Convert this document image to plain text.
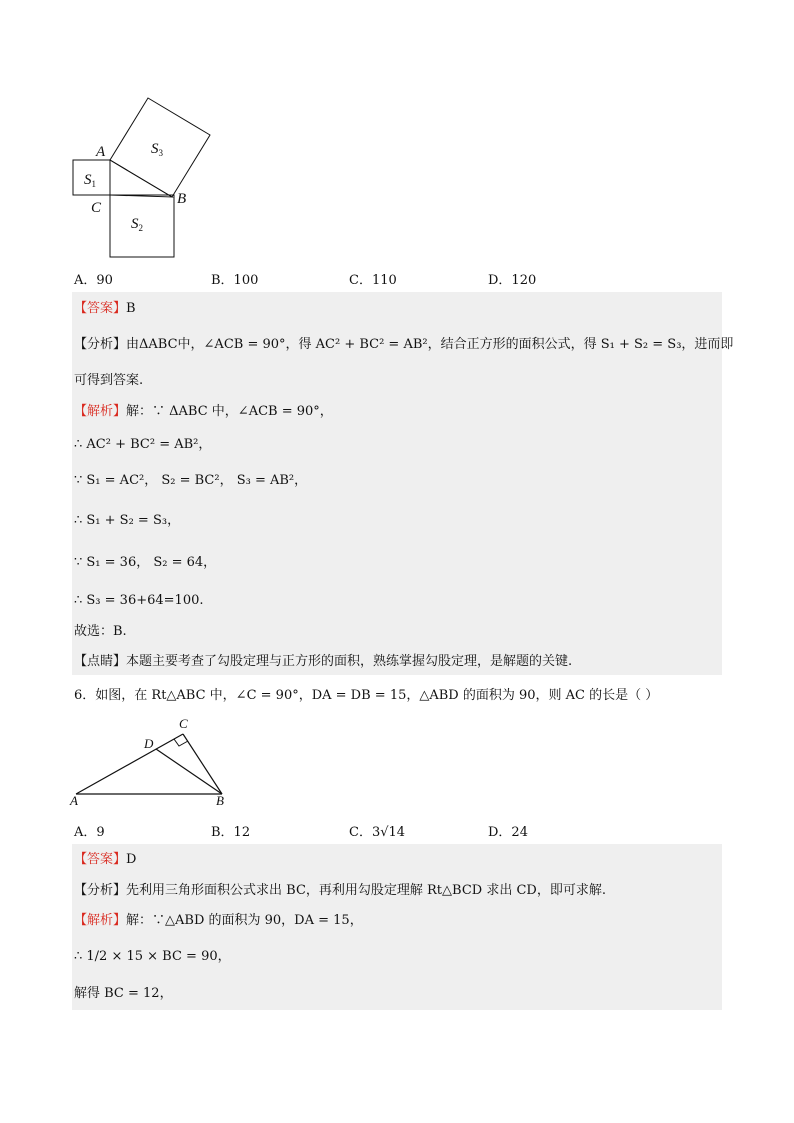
A
B
C
$S_1$
$S_2$
$S_3$
A．90	B．100	C．110	D．120
【答案】B
【分析】由ΔABC中，∠ACB = 90°，得 AC² + BC² = AB²，结合正方形的面积公式，得 S₁ + S₂ = S₃，进而即
可得到答案.
【解析】解：∵ ΔABC 中，∠ACB = 90°，
∴ AC² + BC² = AB²，
∵ S₁ = AC²， S₂ = BC²， S₃ = AB²，
∴ S₁ + S₂ = S₃，
∵ S₁ = 36， S₂ = 64，
∴ S₃ = 36+64=100.
故选：B.
【点睛】本题主要考查了勾股定理与正方形的面积，熟练掌握勾股定理，是解题的关键.
6．如图，在 Rt△ABC 中，∠C = 90°，DA = DB = 15，△ABD 的面积为 90，则 AC 的长是（ ）
A	B
C
D
A．9	B．12	C．3√14	D．24
【答案】D
【分析】先利用三角形面积公式求出 BC，再利用勾股定理解 Rt△BCD 求出 CD，即可求解.
【解析】解：∵△ABD 的面积为 90，DA = 15，
∴ 1/2 × 15 × BC = 90，
解得 BC = 12，
